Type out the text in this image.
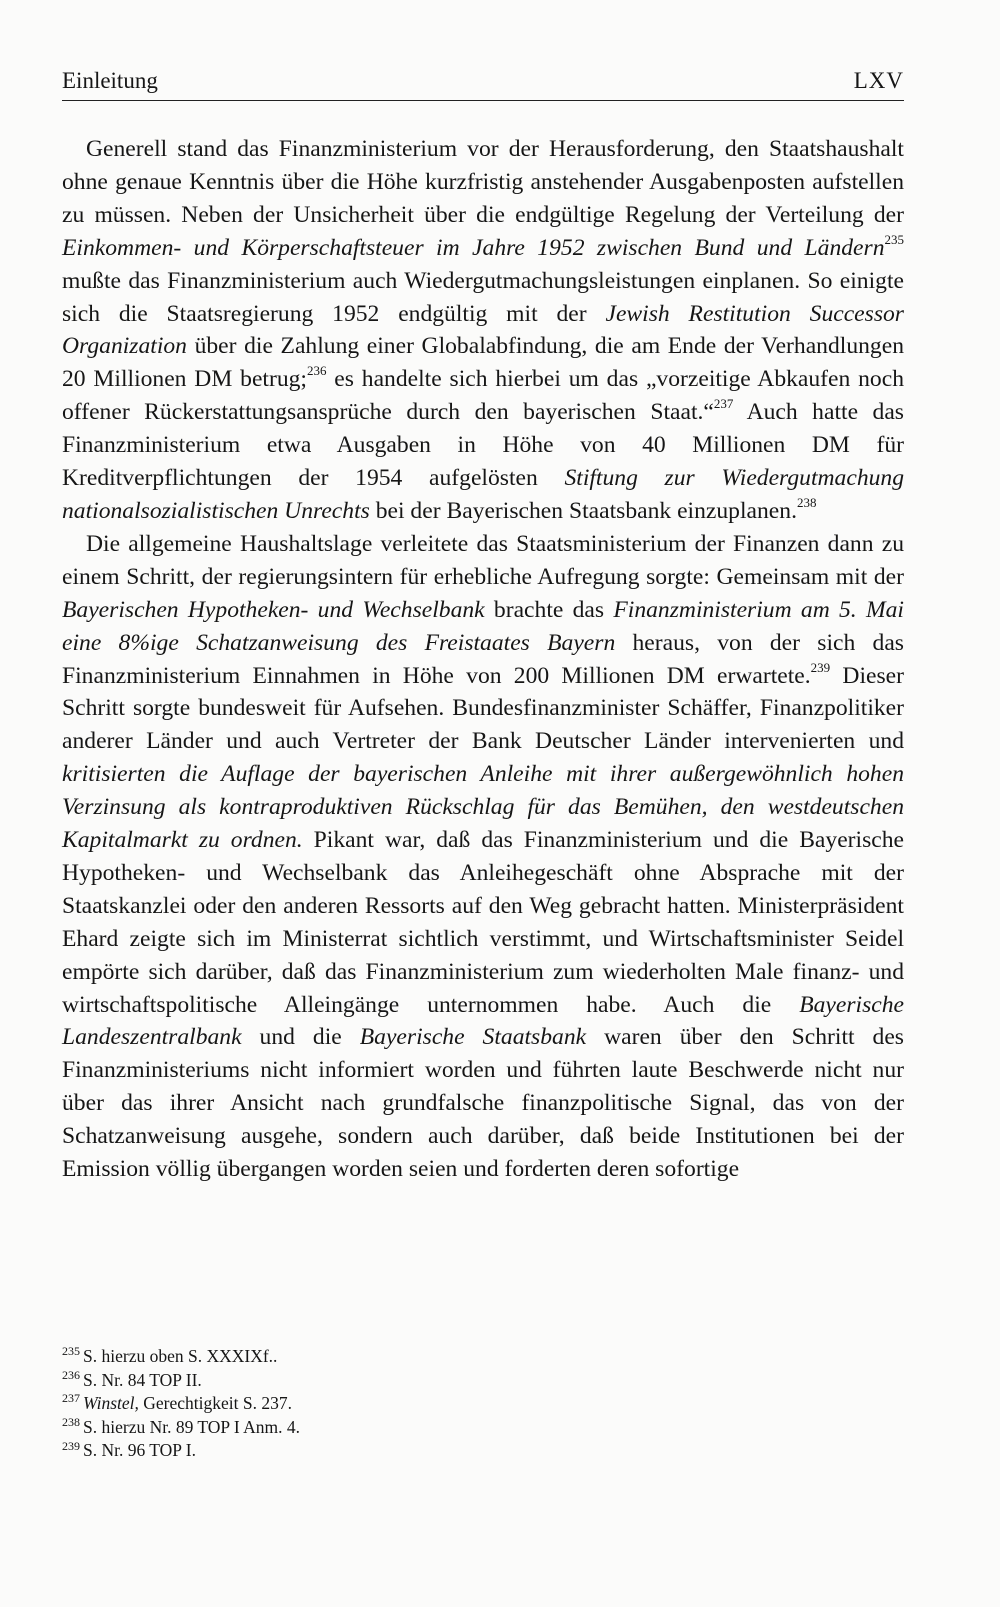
Einleitung	LXV

Generell stand das Finanzministerium vor der Herausforderung, den Staatshaushalt ohne genaue Kenntnis über die Höhe kurzfristig anstehender Ausgabenposten aufstellen zu müssen. Neben der Unsicherheit über die endgültige Regelung der Verteilung der Einkommen- und Körperschaftsteuer im Jahre 1952 zwischen Bund und Ländern$^{235}$ mußte das Finanzministerium auch Wiedergutmachungsleistungen einplanen. So einigte sich die Staatsregierung 1952 endgültig mit der Jewish Restitution Successor Organization über die Zahlung einer Globalabfindung, die am Ende der Verhandlungen 20 Millionen DM betrug;$^{236}$ es handelte sich hierbei um das „vorzeitige Abkaufen noch offener Rückerstattungsansprüche durch den bayerischen Staat.“$^{237}$ Auch hatte das Finanzministerium etwa Ausgaben in Höhe von 40 Millionen DM für Kreditverpflichtungen der 1954 aufgelösten Stiftung zur Wiedergutmachung nationalsozialistischen Unrechts bei der Bayerischen Staatsbank einzuplanen.$^{238}$

Die allgemeine Haushaltslage verleitete das Staatsministerium der Finanzen dann zu einem Schritt, der regierungsintern für erhebliche Aufregung sorgte: Gemeinsam mit der Bayerischen Hypotheken- und Wechselbank brachte das Finanzministerium am 5. Mai eine 8%ige Schatzanweisung des Freistaates Bayern heraus, von der sich das Finanzministerium Einnahmen in Höhe von 200 Millionen DM erwartete.$^{239}$ Dieser Schritt sorgte bundesweit für Aufsehen. Bundesfinanzminister Schäffer, Finanzpolitiker anderer Länder und auch Vertreter der Bank Deutscher Länder intervenierten und kritisierten die Auflage der bayerischen Anleihe mit ihrer außergewöhnlich hohen Verzinsung als kontraproduktiven Rückschlag für das Bemühen, den westdeutschen Kapitalmarkt zu ordnen. Pikant war, daß das Finanzministerium und die Bayerische Hypotheken- und Wechselbank das Anleihegeschäft ohne Absprache mit der Staatskanzlei oder den anderen Ressorts auf den Weg gebracht hatten. Ministerpräsident Ehard zeigte sich im Ministerrat sichtlich verstimmt, und Wirtschaftsminister Seidel empörte sich darüber, daß das Finanzministerium zum wiederholten Male finanz- und wirtschaftspolitische Alleingänge unternommen habe. Auch die Bayerische Landeszentralbank und die Bayerische Staatsbank waren über den Schritt des Finanzministeriums nicht informiert worden und führten laute Beschwerde nicht nur über das ihrer Ansicht nach grundfalsche finanzpolitische Signal, das von der Schatzanweisung ausgehe, sondern auch darüber, daß beide Institutionen bei der Emission völlig übergangen worden seien und forderten deren sofortige

$^{235}$ S. hierzu oben S. XXXIXf..
$^{236}$ S. Nr. 84 TOP II.
$^{237}$ Winstel, Gerechtigkeit S. 237.
$^{238}$ S. hierzu Nr. 89 TOP I Anm. 4.
$^{239}$ S. Nr. 96 TOP I.
